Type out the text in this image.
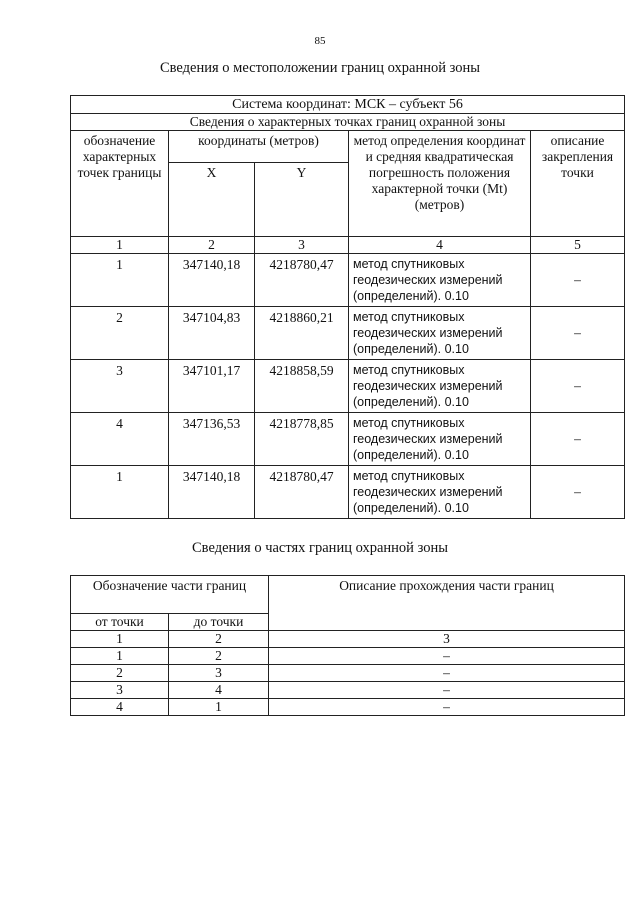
85
Сведения о местоположении границ охранной зоны
Система координат: МСК – субъект 56				
Сведения о характерных точках границ охранной зоны				
обозначение характерных точек границы	координаты (метров)		метод определения координат и средняя квадратическая погрешность положения характерной точки (Mt) (метров)	описание закрепления точки
	X	Y		
1	2	3	4	5
1	347140,18	4218780,47	метод спутниковых геодезических измерений (определений). 0.10	–
2	347104,83	4218860,21	метод спутниковых геодезических измерений (определений). 0.10	–
3	347101,17	4218858,59	метод спутниковых геодезических измерений (определений). 0.10	–
4	347136,53	4218778,85	метод спутниковых геодезических измерений (определений). 0.10	–
1	347140,18	4218780,47	метод спутниковых геодезических измерений (определений). 0.10	–
Сведения о частях границ охранной зоны
Обозначение части границ		Описание прохождения части границ
от точки	до точки	
1	2	3
1	2	–
2	3	–
3	4	–
4	1	–
